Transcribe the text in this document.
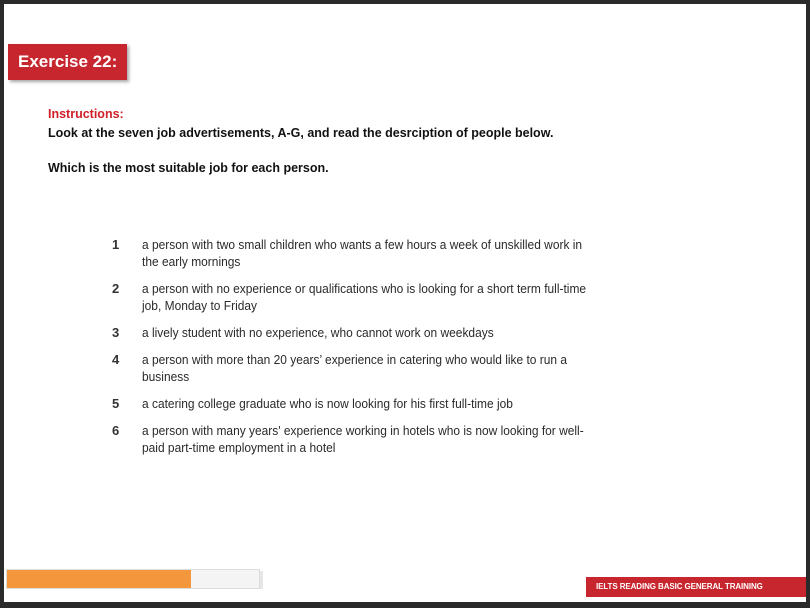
Exercise 22:
Instructions:
Look at the seven job advertisements, A-G, and read the desrciption of people below.
Which is the most suitable job for each person.
1	a person with two small children who wants a few hours a week of unskilled work in the early mornings
2	a person with no experience or qualifications who is looking for a short term full-time job, Monday to Friday
3	a lively student with no experience, who cannot work on weekdays
4	a person with more than 20 years’ experience in catering who would like to run a business
5	a catering college graduate who is now looking for his first full-time job
6	a person with many years' experience working in hotels who is now looking for well-paid part-time employment in a hotel
IELTS READING BASIC GENERAL TRAINING
